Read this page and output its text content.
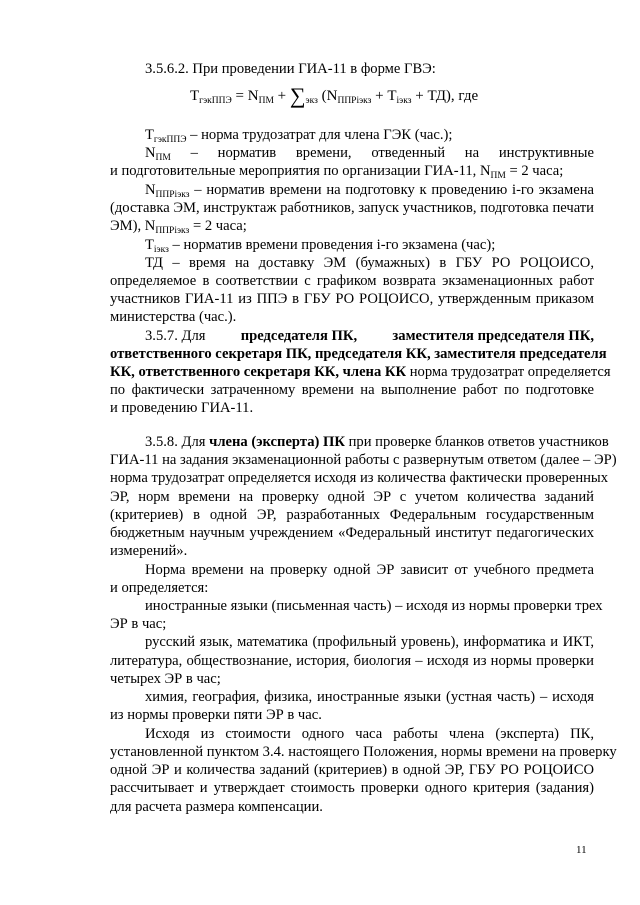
3.5.6.2. При проведении ГИА-11 в форме ГВЭ:
$T_{гэкППЭ} = N_{ПМ} + \sum_{экз}$ $(N_{ППРiэкз} + T_{iэкз} + ТД)$, где
$T_{гэкППЭ}$ – норма трудозатрат для члена ГЭК (час.);
$N_{ПМ}$ – норматив времени, отведенный на инструктивные
и подготовительные мероприятия по организации ГИА-11, $N_{ПМ} = 2$ часа;
$N_{ППРiэкз}$ – норматив времени на подготовку к проведению i-го экзамена
(доставка ЭМ, инструктаж работников, запуск участников, подготовка печати
ЭМ), $N_{ППРiэкз} = 2$ часа;
$T_{iэкз}$ – норматив времени проведения i-го экзамена (час);
ТД – время на доставку ЭМ (бумажных) в ГБУ РО РОЦОИСО,
определяемое в соответствии с графиком возврата экзаменационных работ
участников ГИА-11 из ППЭ в ГБУ РО РОЦОИСО, утвержденным приказом
министерства (час.).
3.5.7. Для председателя ПК, заместителя председателя ПК,
ответственного секретаря ПК, председателя КК, заместителя председателя
КК, ответственного секретаря КК, члена КК норма трудозатрат определяется
по фактически затраченному времени на выполнение работ по подготовке
и проведению ГИА-11.
3.5.8. Для члена (эксперта) ПК при проверке бланков ответов участников
ГИА-11 на задания экзаменационной работы с развернутым ответом (далее – ЭР)
норма трудозатрат определяется исходя из количества фактически проверенных
ЭР, норм времени на проверку одной ЭР с учетом количества заданий
(критериев) в одной ЭР, разработанных Федеральным государственным
бюджетным научным учреждением «Федеральный институт педагогических
измерений».
Норма времени на проверку одной ЭР зависит от учебного предмета
и определяется:
иностранные языки (письменная часть) – исходя из нормы проверки трех
ЭР в час;
русский язык, математика (профильный уровень), информатика и ИКТ,
литература, обществознание, история, биология – исходя из нормы проверки
четырех ЭР в час;
химия, география, физика, иностранные языки (устная часть) – исходя
из нормы проверки пяти ЭР в час.
Исходя из стоимости одного часа работы члена (эксперта) ПК,
установленной пунктом 3.4. настоящего Положения, нормы времени на проверку
одной ЭР и количества заданий (критериев) в одной ЭР, ГБУ РО РОЦОИСО
рассчитывает и утверждает стоимость проверки одного критерия (задания)
для расчета размера компенсации.
11
